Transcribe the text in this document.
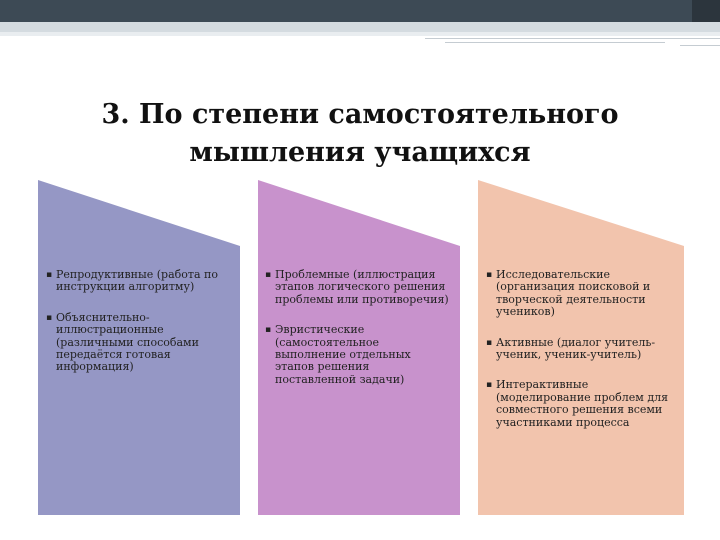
3. По степени самостоятельного
мышления учащихся
▪ Репродуктивные (работа по инструкции алгоритму)
▪ Объяснительно-иллюстрационные (различными способами передаётся готовая информация)
▪ Проблемные (иллюстрация этапов логического решения проблемы или противоречия)
▪ Эвристические (самостоятельное выполнение отдельных этапов решения поставленной задачи)
▪ Исследовательские (организация поисковой и творческой деятельности учеников)
▪ Активные (диалог учитель-ученик, ученик-учитель)
▪ Интерактивные (моделирование проблем для совместного решения всеми участниками процесса
